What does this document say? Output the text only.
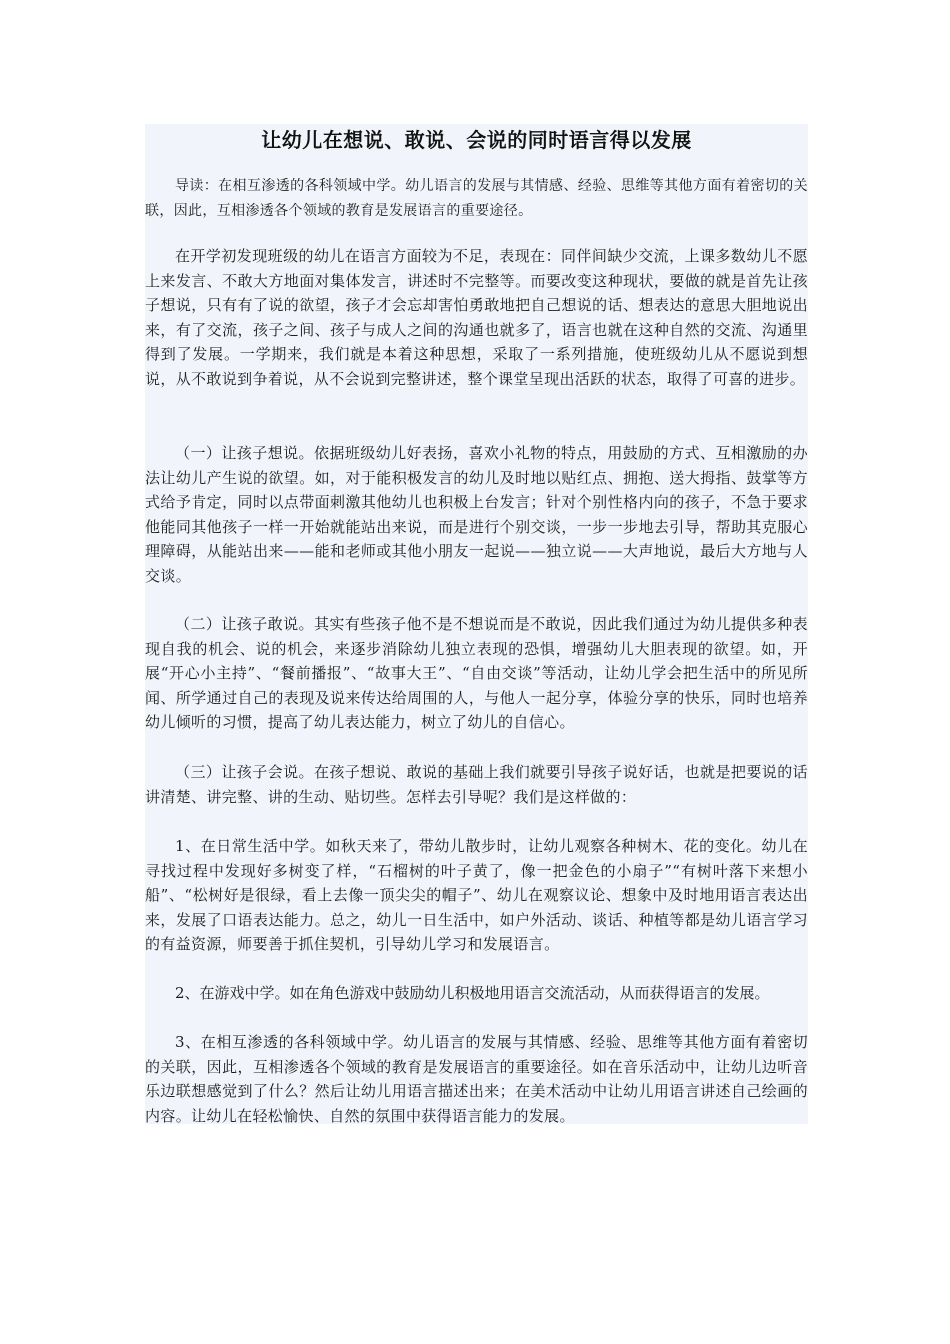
让幼儿在想说、敢说、会说的同时语言得以发展

导读：在相互渗透的各科领域中学。幼儿语言的发展与其情感、经验、思维等其他方面有着密切的关联，因此，互相渗透各个领域的教育是发展语言的重要途径。

在开学初发现班级的幼儿在语言方面较为不足，表现在：同伴间缺少交流，上课多数幼儿不愿上来发言、不敢大方地面对集体发言，讲述时不完整等。而要改变这种现状，要做的就是首先让孩子想说，只有有了说的欲望，孩子才会忘却害怕勇敢地把自己想说的话、想表达的意思大胆地说出来，有了交流，孩子之间、孩子与成人之间的沟通也就多了，语言也就在这种自然的交流、沟通里得到了发展。一学期来，我们就是本着这种思想，采取了一系列措施，使班级幼儿从不愿说到想说，从不敢说到争着说，从不会说到完整讲述，整个课堂呈现出活跃的状态，取得了可喜的进步。

（一）让孩子想说。依据班级幼儿好表扬，喜欢小礼物的特点，用鼓励的方式、互相激励的办法让幼儿产生说的欲望。如，对于能积极发言的幼儿及时地以贴红点、拥抱、送大拇指、鼓掌等方式给予肯定，同时以点带面刺激其他幼儿也积极上台发言；针对个别性格内向的孩子，不急于要求他能同其他孩子一样一开始就能站出来说，而是进行个别交谈，一步一步地去引导，帮助其克服心理障碍，从能站出来——能和老师或其他小朋友一起说——独立说——大声地说，最后大方地与人交谈。

（二）让孩子敢说。其实有些孩子他不是不想说而是不敢说，因此我们通过为幼儿提供多种表现自我的机会、说的机会，来逐步消除幼儿独立表现的恐惧，增强幼儿大胆表现的欲望。如，开展“开心小主持”、“餐前播报”、“故事大王”、“自由交谈”等活动，让幼儿学会把生活中的所见所闻、所学通过自己的表现及说来传达给周围的人，与他人一起分享，体验分享的快乐，同时也培养幼儿倾听的习惯，提高了幼儿表达能力，树立了幼儿的自信心。

（三）让孩子会说。在孩子想说、敢说的基础上我们就要引导孩子说好话，也就是把要说的话讲清楚、讲完整、讲的生动、贴切些。怎样去引导呢？我们是这样做的：

1、在日常生活中学。如秋天来了，带幼儿散步时，让幼儿观察各种树木、花的变化。幼儿在寻找过程中发现好多树变了样，“石榴树的叶子黄了，像一把金色的小扇子”“有树叶落下来想小船”、“松树好是很绿，看上去像一顶尖尖的帽子”、幼儿在观察议论、想象中及时地用语言表达出来，发展了口语表达能力。总之，幼儿一日生活中，如户外活动、谈话、种植等都是幼儿语言学习的有益资源，师要善于抓住契机，引导幼儿学习和发展语言。

2、在游戏中学。如在角色游戏中鼓励幼儿积极地用语言交流活动，从而获得语言的发展。

3、在相互渗透的各科领域中学。幼儿语言的发展与其情感、经验、思维等其他方面有着密切的关联，因此，互相渗透各个领域的教育是发展语言的重要途径。如在音乐活动中，让幼儿边听音乐边联想感觉到了什么？然后让幼儿用语言描述出来；在美术活动中让幼儿用语言讲述自己绘画的内容。让幼儿在轻松愉快、自然的氛围中获得语言能力的发展。
